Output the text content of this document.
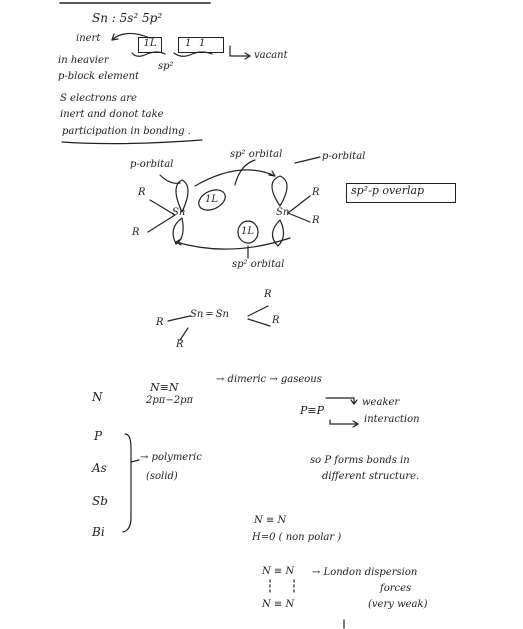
Sn : 5s² 5p²
inert	1L	1 1
vacant
in heavier
sp²
p-block element
S electrons are
inert and donot take
participation in bonding .
p-orbital
sp² orbital	p-orbital
sp²-p overlap
R
R
Sn
1L
Sn
R
R
1L
sp² orbital
R
R
Sn ═ Sn
R
R
N
P
As
Sb
Bi
N≡N
2pπ−2pπ
→ dimeric → gaseous
P≡P
weaker
interaction
→ polymeric
(solid)
so P forms bonds in
different structure.
N ≡ N
H=0 ( non polar )
N ≡ N
N ≡ N
→ London dispersion
forces
(very weak)
